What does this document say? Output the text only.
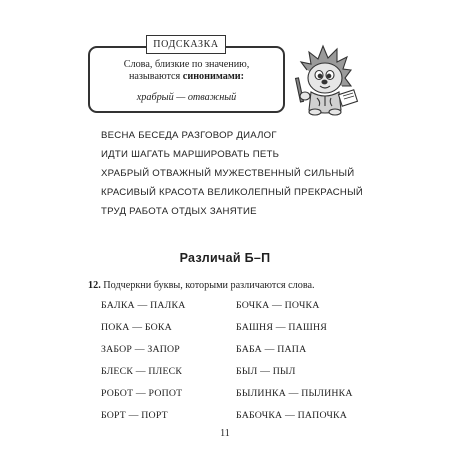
ПОДСКАЗКА
Слова, близкие по значению,
называются синонимами:
храбрый — отважный
ВЕСНА БЕСЕДА РАЗГОВОР ДИАЛОГ
ИДТИ ШАГАТЬ МАРШИРОВАТЬ ПЕТЬ
ХРАБРЫЙ ОТВАЖНЫЙ МУЖЕСТВЕННЫЙ СИЛЬНЫЙ
КРАСИВЫЙ КРАСОТА ВЕЛИКОЛЕПНЫЙ ПРЕКРАСНЫЙ
ТРУД РАБОТА ОТДЫХ ЗАНЯТИЕ
Различай Б–П
12. Подчеркни буквы, которыми различаются слова.
БАЛКА — ПАЛКА
ПОКА — БОКА
ЗАБОР — ЗАПОР
БЛЕСК — ПЛЕСК
РОБОТ — РОПОТ
БОРТ — ПОРТ
БОЧКА — ПОЧКА
БАШНЯ — ПАШНЯ
БАБА — ПАПА
БЫЛ — ПЫЛ
БЫЛИНКА — ПЫЛИНКА
БАБОЧКА — ПАПОЧКА
11
